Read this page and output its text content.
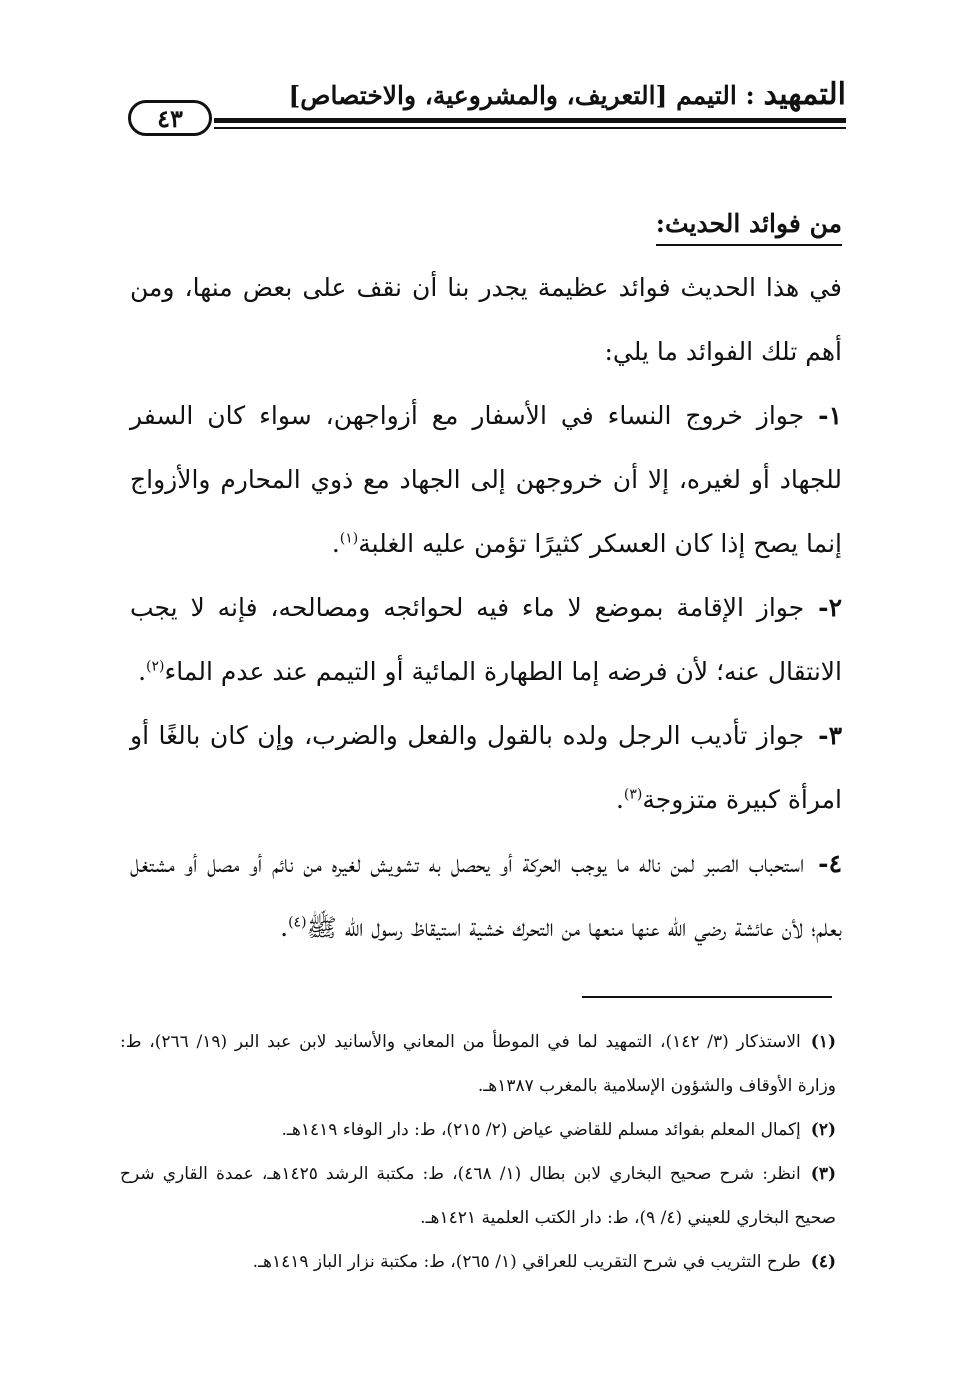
التمهيد : التيمم [التعريف، والمشروعية، والاختصاص]
٤٣
من فوائد الحديث:

في هذا الحديث فوائد عظيمة يجدر بنا أن نقف على بعض منها، ومن أهم تلك الفوائد ما يلي:

١-جواز خروج النساء في الأسفار مع أزواجهن، سواء كان السفر للجهاد أو لغيره، إلا أن خروجهن إلى الجهاد مع ذوي المحارم والأزواج إنما يصح إذا كان العسكر كثيرًا تؤمن عليه الغلبة$^{(١)}$.

٢-جواز الإقامة بموضع لا ماء فيه لحوائجه ومصالحه، فإنه لا يجب الانتقال عنه؛ لأن فرضه إما الطهارة المائية أو التيمم عند عدم الماء$^{(٢)}$.

٣-جواز تأديب الرجل ولده بالقول والفعل والضرب، وإن كان بالغًا أو امرأة كبيرة متزوجة$^{(٣)}$.

٤-استحباب الصبر لمن ناله ما يوجب الحركة أو يحصل به تشويش لغيره من نائم أو مصل أو مشتغل بعلم؛ لأن عائشة رضي الله عنها منعها من التحرك خشية استيقاظ رسول الله ﷺ$^{(٤)}$.

(١)الاستذكار (٣/ ١٤٢)، التمهيد لما في الموطأ من المعاني والأسانيد لابن عبد البر (١٩/ ٢٦٦)، ط: وزارة الأوقاف والشؤون الإسلامية بالمغرب ١٣٨٧هـ.

(٢)إكمال المعلم بفوائد مسلم للقاضي عياض (٢/ ٢١٥)، ط: دار الوفاء ١٤١٩هـ.

(٣)انظر: شرح صحيح البخاري لابن بطال (١/ ٤٦٨)، ط: مكتبة الرشد ١٤٢٥هـ، عمدة القاري شرح صحيح البخاري للعيني (٤/ ٩)، ط: دار الكتب العلمية ١٤٢١هـ.

(٤)طرح التثريب في شرح التقريب للعراقي (١/ ٢٦٥)، ط: مكتبة نزار الباز ١٤١٩هـ.
